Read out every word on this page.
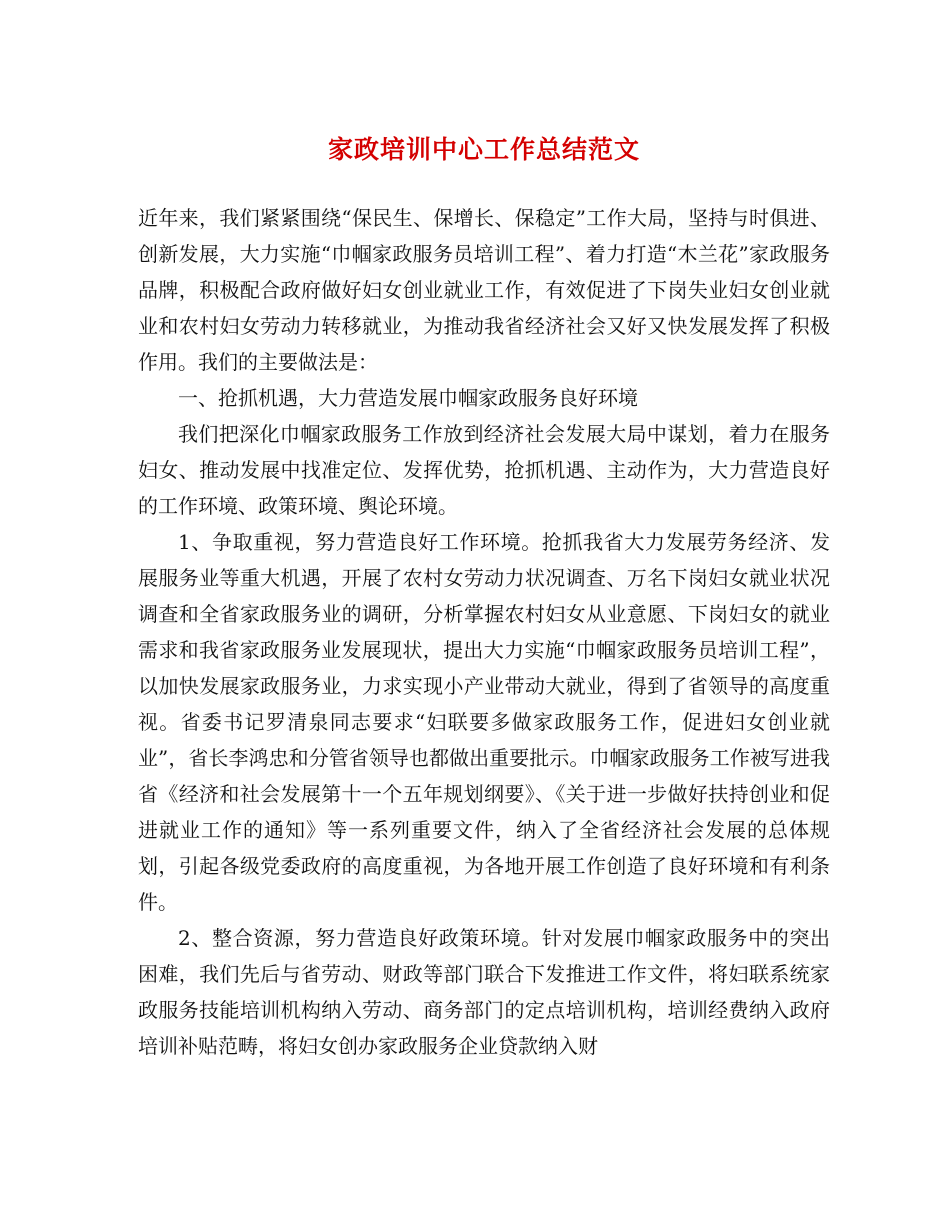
家政培训中心工作总结范文

近年来，我们紧紧围绕“保民生、保增长、保稳定”工作大局，坚持与时俱进、创新发展，大力实施“巾帼家政服务员培训工程”、着力打造“木兰花”家政服务品牌，积极配合政府做好妇女创业就业工作，有效促进了下岗失业妇女创业就业和农村妇女劳动力转移就业，为推动我省经济社会又好又快发展发挥了积极作用。我们的主要做法是：

一、抢抓机遇，大力营造发展巾帼家政服务良好环境

我们把深化巾帼家政服务工作放到经济社会发展大局中谋划，着力在服务妇女、推动发展中找准定位、发挥优势，抢抓机遇、主动作为，大力营造良好的工作环境、政策环境、舆论环境。

1、争取重视，努力营造良好工作环境。抢抓我省大力发展劳务经济、发展服务业等重大机遇，开展了农村女劳动力状况调查、万名下岗妇女就业状况调查和全省家政服务业的调研，分析掌握农村妇女从业意愿、下岗妇女的就业需求和我省家政服务业发展现状，提出大力实施“巾帼家政服务员培训工程”，以加快发展家政服务业，力求实现小产业带动大就业，得到了省领导的高度重视。省委书记罗清泉同志要求“妇联要多做家政服务工作，促进妇女创业就业”，省长李鸿忠和分管省领导也都做出重要批示。巾帼家政服务工作被写进我省《经济和社会发展第十一个五年规划纲要》、《关于进一步做好扶持创业和促进就业工作的通知》等一系列重要文件，纳入了全省经济社会发展的总体规划，引起各级党委政府的高度重视，为各地开展工作创造了良好环境和有利条件。

2、整合资源，努力营造良好政策环境。针对发展巾帼家政服务中的突出困难，我们先后与省劳动、财政等部门联合下发推进工作文件，将妇联系统家政服务技能培训机构纳入劳动、商务部门的定点培训机构，培训经费纳入政府培训补贴范畴，将妇女创办家政服务企业贷款纳入财
